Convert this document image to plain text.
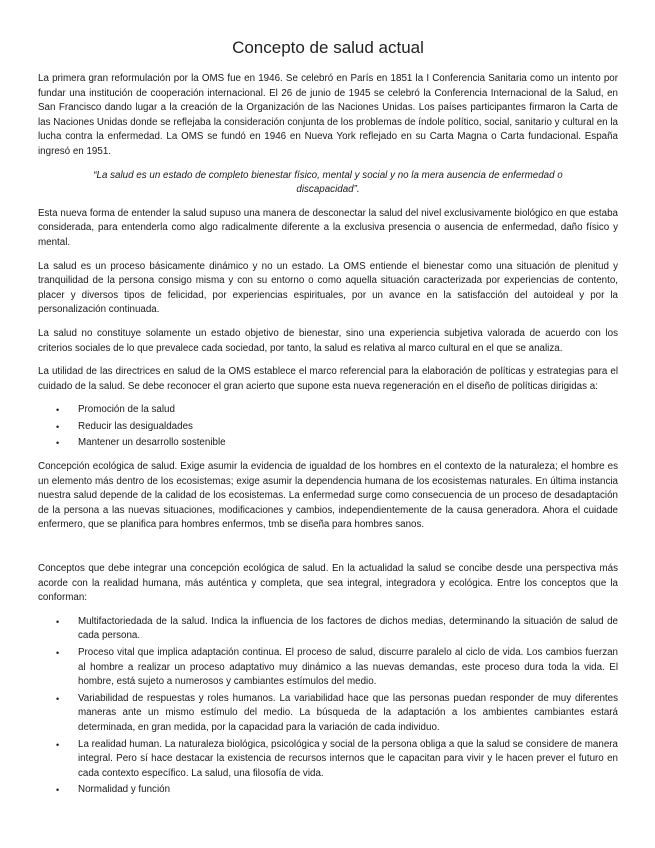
Concepto de salud actual

La primera gran reformulación por la OMS fue en 1946. Se celebró en París en 1851 la I Conferencia Sanitaria como un intento por fundar una institución de cooperación internacional. El 26 de junio de 1945 se celebró la Conferencia Internacional de la Salud, en San Francisco dando lugar a la creación de la Organización de las Naciones Unidas. Los países participantes firmaron la Carta de las Naciones Unidas donde se reflejaba la consideración conjunta de los problemas de índole político, social, sanitario y cultural en la lucha contra la enfermedad. La OMS se fundó en 1946 en Nueva York reflejado en su Carta Magna o Carta fundacional. España ingresó en 1951.

“La salud es un estado de completo bienestar físico, mental y social y no la mera ausencia de enfermedad o discapacidad”.

Esta nueva forma de entender la salud supuso una manera de desconectar la salud del nivel exclusivamente biológico en que estaba considerada, para entenderla como algo radicalmente diferente a la exclusiva presencia o ausencia de enfermedad, daño físico y mental.

La salud es un proceso básicamente dinámico y no un estado. La OMS entiende el bienestar como una situación de plenitud y tranquilidad de la persona consigo misma y con su entorno o como aquella situación caracterizada por experiencias de contento, placer y diversos tipos de felicidad, por experiencias espirituales, por un avance en la satisfacción del autoideal y por la personalización continuada.

La salud no constituye solamente un estado objetivo de bienestar, sino una experiencia subjetiva valorada de acuerdo con los criterios sociales de lo que prevalece cada sociedad, por tanto, la salud es relativa al marco cultural en el que se analiza.

La utilidad de las directrices en salud de la OMS establece el marco referencial para la elaboración de políticas y estrategias para el cuidado de la salud. Se debe reconocer el gran acierto que supone esta nueva regeneración en el diseño de políticas dirigidas a:

• Promoción de la salud
• Reducir las desigualdades
• Mantener un desarrollo sostenible

Concepción ecológica de salud. Exige asumir la evidencia de igualdad de los hombres en el contexto de la naturaleza; el hombre es un elemento más dentro de los ecosistemas; exige asumir la dependencia humana de los ecosistemas naturales. En última instancia nuestra salud depende de la calidad de los ecosistemas. La enfermedad surge como consecuencia de un proceso de desadaptación de la persona a las nuevas situaciones, modificaciones y cambios, independientemente de la causa generadora. Ahora el cuidade enfermero, que se planifica para hombres enfermos, tmb se diseña para hombres sanos.

Conceptos que debe integrar una concepción ecológica de salud. En la actualidad la salud se concibe desde una perspectiva más acorde con la realidad humana, más auténtica y completa, que sea integral, integradora y ecológica. Entre los conceptos que la conforman:

• Multifactoriedada de la salud. Indica la influencia de los factores de dichos medias, determinando la situación de salud de cada persona.
• Proceso vital que implica adaptación continua. El proceso de salud, discurre paralelo al ciclo de vida. Los cambios fuerzan al hombre a realizar un proceso adaptativo muy dinámico a las nuevas demandas, este proceso dura toda la vida. El hombre, está sujeto a numerosos y cambiantes estímulos del medio.
• Variabilidad de respuestas y roles humanos. La variabilidad hace que las personas puedan responder de muy diferentes maneras ante un mismo estímulo del medio. La búsqueda de la adaptación a los ambientes cambiantes estará determinada, en gran medida, por la capacidad para la variación de cada individuo.
• La realidad human. La naturaleza biológica, psicológica y social de la persona obliga a que la salud se considere de manera integral. Pero sí hace destacar la existencia de recursos internos que le capacitan para vivir y le hacen prever el futuro en cada contexto específico. La salud, una filosofía de vida.
• Normalidad y función
